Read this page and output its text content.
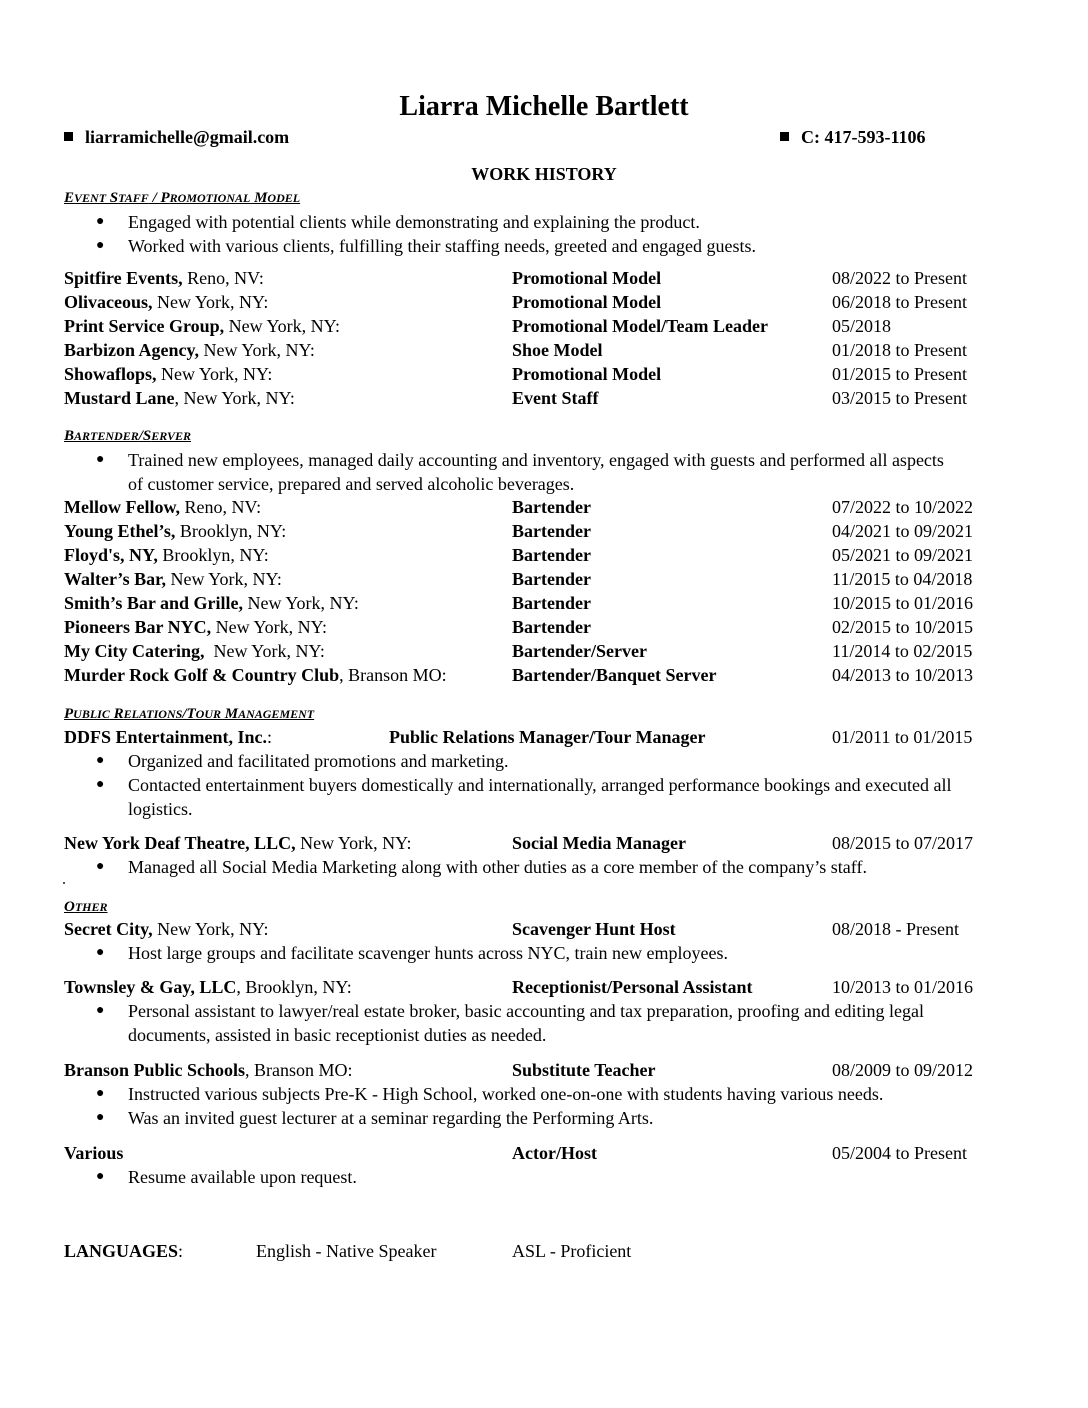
Liarra Michelle Bartlett
liarramichelle@gmail.com	C: 417-593-1106
WORK HISTORY
EVENT STAFF / PROMOTIONAL MODEL
● Engaged with potential clients while demonstrating and explaining the product.
● Worked with various clients, fulfilling their staffing needs, greeted and engaged guests.
Spitfire Events, Reno, NV:	Promotional Model	08/2022 to Present
Olivaceous, New York, NY:	Promotional Model	06/2018 to Present
Print Service Group, New York, NY:	Promotional Model/Team Leader	05/2018
Barbizon Agency, New York, NY:	Shoe Model	01/2018 to Present
Showaflops, New York, NY:	Promotional Model	01/2015 to Present
Mustard Lane, New York, NY:	Event Staff	03/2015 to Present
BARTENDER/SERVER
● Trained new employees, managed daily accounting and inventory, engaged with guests and performed all aspects
of customer service, prepared and served alcoholic beverages.
Mellow Fellow, Reno, NV:	Bartender	07/2022 to 10/2022
Young Ethel’s, Brooklyn, NY:	Bartender	04/2021 to 09/2021
Floyd's, NY, Brooklyn, NY:	Bartender	05/2021 to 09/2021
Walter’s Bar, New York, NY:	Bartender	11/2015 to 04/2018
Smith’s Bar and Grille, New York, NY:	Bartender	10/2015 to 01/2016
Pioneers Bar NYC, New York, NY:	Bartender	02/2015 to 10/2015
My City Catering,  New York, NY:	Bartender/Server	11/2014 to 02/2015
Murder Rock Golf & Country Club, Branson MO:	Bartender/Banquet Server	04/2013 to 10/2013
PUBLIC RELATIONS/TOUR MANAGEMENT
DDFS Entertainment, Inc.:	Public Relations Manager/Tour Manager	01/2011 to 01/2015
● Organized and facilitated promotions and marketing.
● Contacted entertainment buyers domestically and internationally, arranged performance bookings and executed all
logistics.
New York Deaf Theatre, LLC, New York, NY:	Social Media Manager	08/2015 to 07/2017
● Managed all Social Media Marketing along with other duties as a core member of the company’s staff.
OTHER
Secret City, New York, NY:	Scavenger Hunt Host	08/2018 - Present
● Host large groups and facilitate scavenger hunts across NYC, train new employees.
Townsley & Gay, LLC, Brooklyn, NY:	Receptionist/Personal Assistant	10/2013 to 01/2016
● Personal assistant to lawyer/real estate broker, basic accounting and tax preparation, proofing and editing legal
documents, assisted in basic receptionist duties as needed.
Branson Public Schools, Branson MO:	Substitute Teacher	08/2009 to 09/2012
● Instructed various subjects Pre-K - High School, worked one-on-one with students having various needs.
● Was an invited guest lecturer at a seminar regarding the Performing Arts.
Various	Actor/Host	05/2004 to Present
● Resume available upon request.
LANGUAGES:	English - Native Speaker	ASL - Proficient
